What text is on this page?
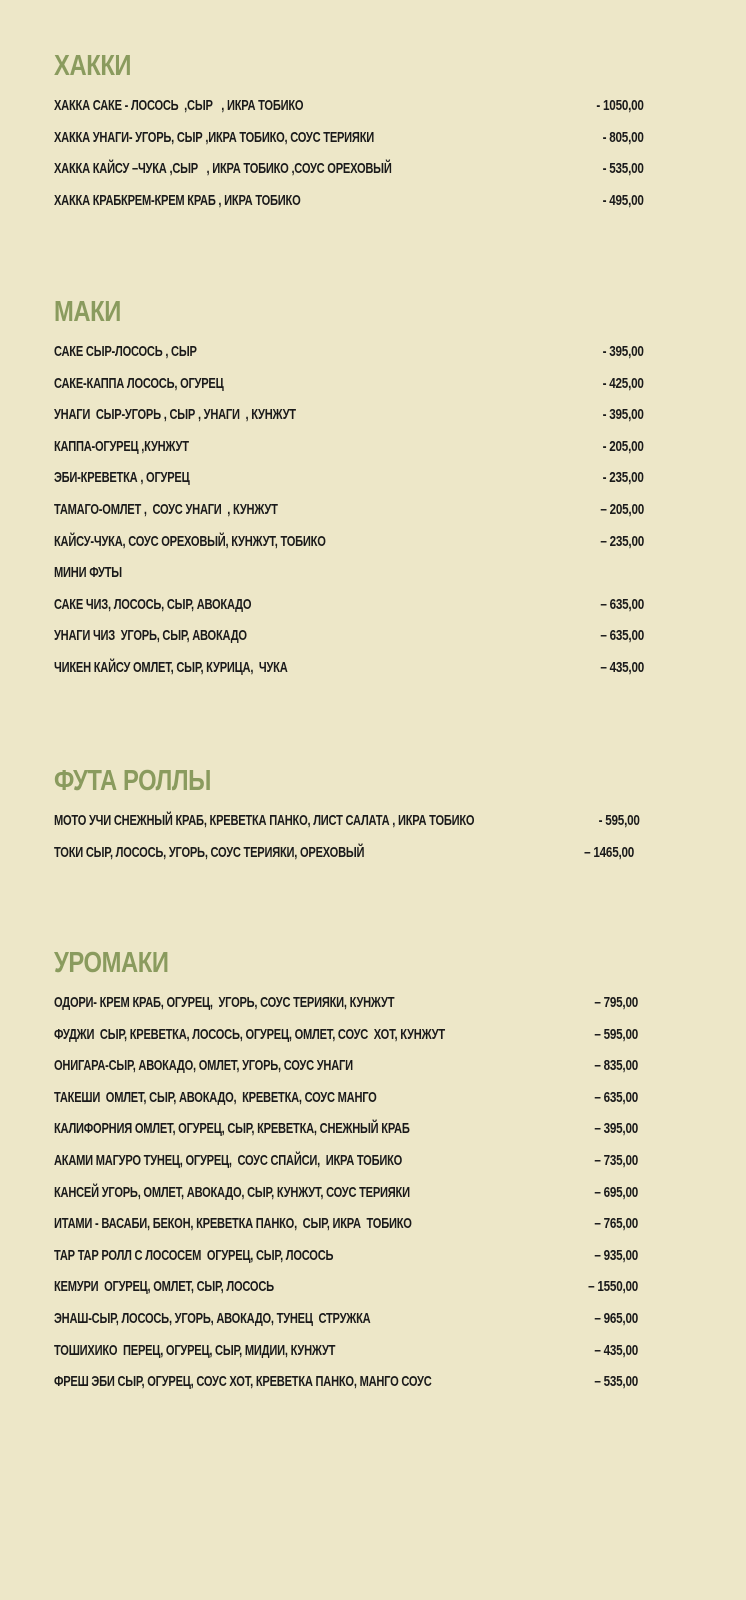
ХАККИ
ХАККА САКЕ - ЛОСОСЬ  ,СЫР   , ИКРА ТОБИКО	- 1050,00
ХАККА УНАГИ- УГОРЬ, СЫР ,ИКРА ТОБИКО, СОУС ТЕРИЯКИ	- 805,00
ХАККА КАЙСУ –ЧУКА ,СЫР   , ИКРА ТОБИКО ,СОУС ОРЕХОВЫЙ	- 535,00
ХАККА КРАБКРЕМ-КРЕМ КРАБ , ИКРА ТОБИКО	- 495,00
МАКИ
САКЕ СЫР-ЛОСОСЬ , СЫР	- 395,00
САКЕ-КАППА ЛОСОСЬ, ОГУРЕЦ	- 425,00
УНАГИ  СЫР-УГОРЬ , СЫР , УНАГИ  , КУНЖУТ	- 395,00
КАППА-ОГУРЕЦ ,КУНЖУТ	- 205,00
ЭБИ-КРЕВЕТКА , ОГУРЕЦ	- 235,00
ТАМАГО-ОМЛЕТ ,  СОУС УНАГИ  , КУНЖУТ	– 205,00
КАЙСУ-ЧУКА, СОУС ОРЕХОВЫЙ, КУНЖУТ, ТОБИКО	– 235,00
МИНИ ФУТЫ
САКЕ ЧИЗ, ЛОСОСЬ, СЫР, АВОКАДО	– 635,00
УНАГИ ЧИЗ  УГОРЬ, СЫР, АВОКАДО	– 635,00
ЧИКЕН КАЙСУ ОМЛЕТ, СЫР, КУРИЦА,  ЧУКА	– 435,00
ФУТА РОЛЛЫ
МОТО УЧИ СНЕЖНЫЙ КРАБ, КРЕВЕТКА ПАНКО, ЛИСТ САЛАТА , ИКРА ТОБИКО	- 595,00
ТОКИ СЫР, ЛОСОСЬ, УГОРЬ, СОУС ТЕРИЯКИ, ОРЕХОВЫЙ	– 1465,00
УРОМАКИ
ОДОРИ- КРЕМ КРАБ, ОГУРЕЦ,  УГОРЬ, СОУС ТЕРИЯКИ, КУНЖУТ	– 795,00
ФУДЖИ  СЫР, КРЕВЕТКА, ЛОСОСЬ, ОГУРЕЦ, ОМЛЕТ, СОУС  ХОТ, КУНЖУТ	– 595,00
ОНИГАРА-СЫР, АВОКАДО, ОМЛЕТ, УГОРЬ, СОУС УНАГИ	– 835,00
ТАКЕШИ  ОМЛЕТ, СЫР, АВОКАДО,  КРЕВЕТКА, СОУС МАНГО	– 635,00
КАЛИФОРНИЯ ОМЛЕТ, ОГУРЕЦ, СЫР, КРЕВЕТКА, СНЕЖНЫЙ КРАБ	– 395,00
АКАМИ МАГУРО ТУНЕЦ, ОГУРЕЦ,  СОУС СПАЙСИ,  ИКРА ТОБИКО	– 735,00
КАНСЕЙ УГОРЬ, ОМЛЕТ, АВОКАДО, СЫР, КУНЖУТ, СОУС ТЕРИЯКИ	– 695,00
ИТАМИ - ВАСАБИ, БЕКОН, КРЕВЕТКА ПАНКО,  СЫР, ИКРА  ТОБИКО	– 765,00
ТАР ТАР РОЛЛ С ЛОСОСЕМ  ОГУРЕЦ, СЫР, ЛОСОСЬ	– 935,00
КЕМУРИ  ОГУРЕЦ, ОМЛЕТ, СЫР, ЛОСОСЬ	– 1550,00
ЭНАШ-СЫР, ЛОСОСЬ, УГОРЬ, АВОКАДО, ТУНЕЦ  СТРУЖКА	– 965,00
ТОШИХИКО  ПЕРЕЦ, ОГУРЕЦ, СЫР, МИДИИ, КУНЖУТ	– 435,00
ФРЕШ ЭБИ СЫР, ОГУРЕЦ, СОУС ХОТ, КРЕВЕТКА ПАНКО, МАНГО СОУС	– 535,00
